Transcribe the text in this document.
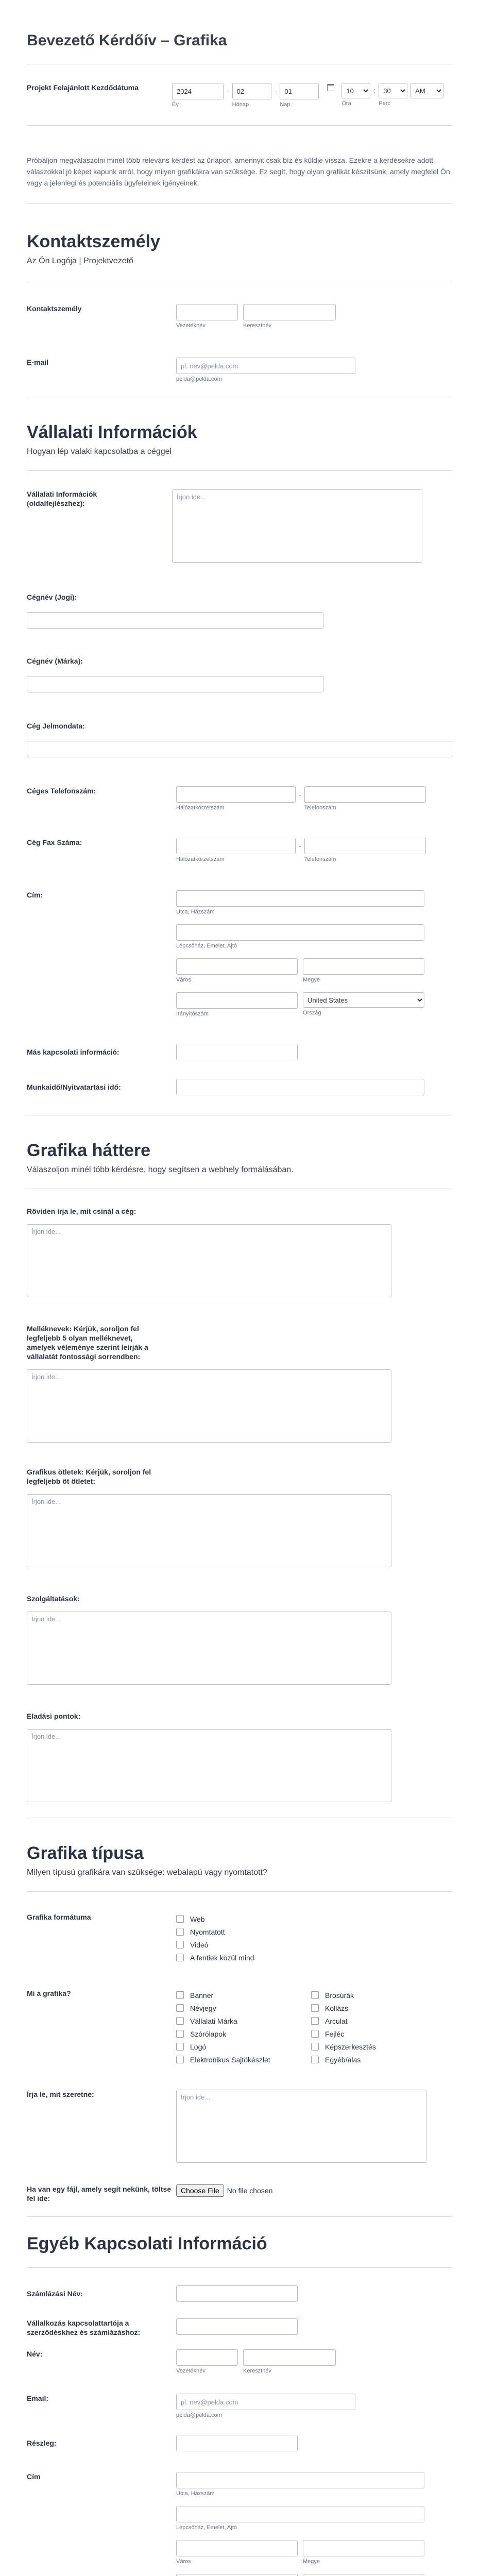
Bevezető Kérdőív – Grafika
Projekt Felajánlott Kezdődátuma
2024
Év
-
02
Hónap
-
01
Nap
10	Óra
:
30
Perc
AM

Próbáljon megválaszolni minél több releváns kérdést az űrlapon, amennyit csak bíz és küldje vissza. Ezekre a kérdésekre adott válaszokkal jó képet kapunk arról, hogy milyen grafikákra van szüksége. Ez segít, hogy olyan grafikát készítsünk, amely megfelel Ön vagy a jelenlegi és potenciális ügyfeleinek igényeinek.

Kontaktszemély
Az Ön Logója | Projektvezető
Kontaktszemély
Vezetéknév	Keresztnév
E-mail
pl. nev@pelda.com
pelda@pelda.com
Vállalati Információk
Hogyan lép valaki kapcsolatba a céggel
Vállalati Információk (oldalfejlészhez):
Írjon ide...
Cégnév (Jogi):
Cégnév (Márka):
Cég Jelmondata:
Céges Telefonszám:
Hálózatkörzetszám
-
Telefonszám
Cég Fax Száma:
Hálózatkörzetszám
-
Telefonszám
Cím:
Utca, Házszám
Lépcsőház, Emelet, Ajtó
Város	Megye
Irányítószám
United States	Ország
Más kapcsolati információ:
Munkaidő/Nyitvatartási idő:
Grafika háttere
Válaszoljon minél több kérdésre, hogy segítsen a webhely formálásában.
Röviden írja le, mit csinál a cég:
Írjon ide...
Melléknevek: Kérjük, soroljon fel legfeljebb 5 olyan melléknevet, amelyek véleménye szerint leírják a vállalatát fontossági sorrendben:
Írjon ide...
Grafikus ötletek: Kérjük, soroljon fel legfeljebb öt ötletet:
Írjon ide...
Szolgáltatások:
Írjon ide...
Eladási pontok:
Írjon ide...
Grafika típusa
Milyen típusú grafikára van szüksége: webalapú vagy nyomtatott?
Grafika formátuma	Web
Nyomtatott
Videó
A fentiek közül mind
Mi a grafika?	Banner
Névjegy
Vállalati Márka
Szórólapok
Logó
Elektronikus Sajtókészlet
Brosúrák
Kollázs
Arculat
Fejléc
Képszerkesztés
Egyéb/alas
Írja le, mit szeretne:
Írjon ide...
Ha van egy fájl, amely segít nekünk, töltse fel ide:
Choose File	No file chosen
Egyéb Kapcsolati Információ
Számlázási Név:
Vállalkozás kapcsolattartója a szerződéskhez és számlázáshoz:
Név:
Vezetéknév	Keresztnév
Email:
pl. nev@pelda.com
pelda@pelda.com
Részleg:
Cím
Utca, Házszám
Lépcsőház, Emelet, Ajtó
Város	Megye
Please Select
